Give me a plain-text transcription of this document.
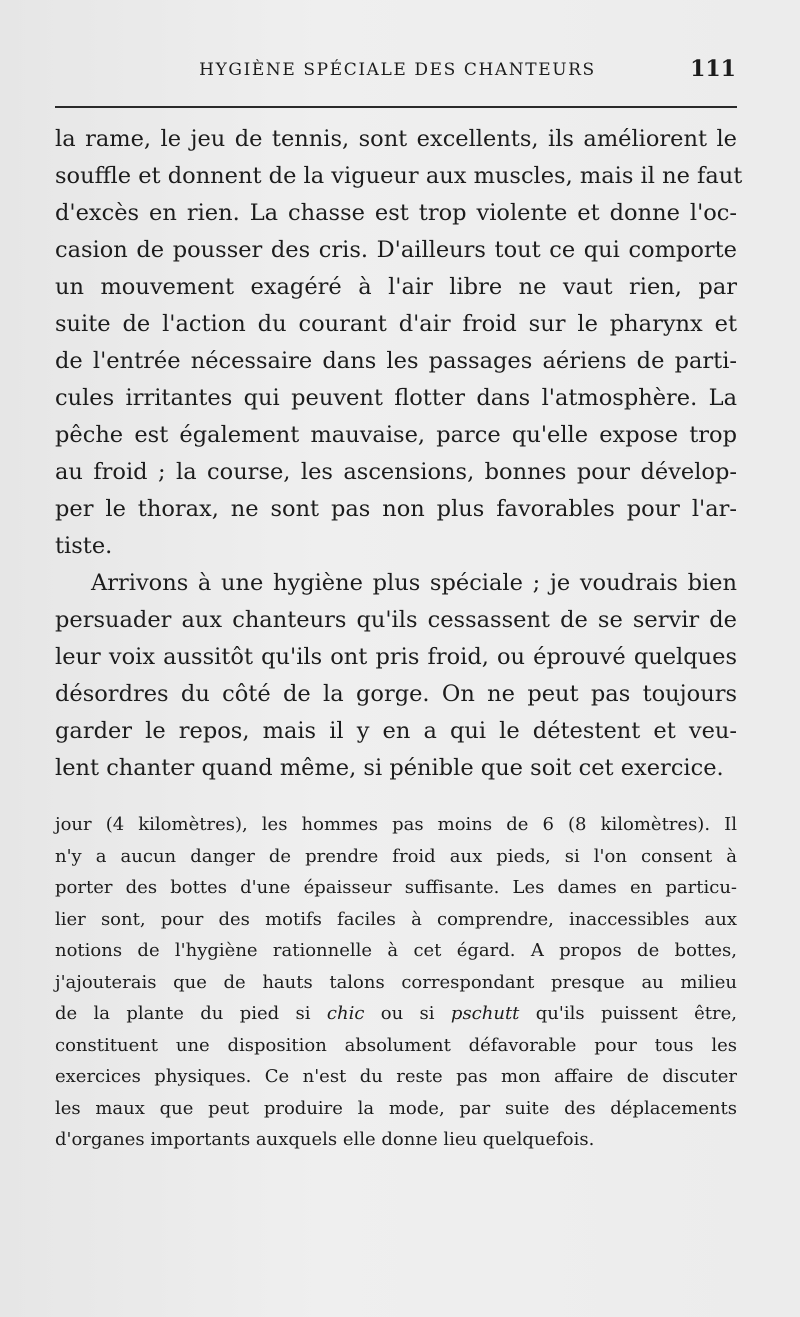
HYGIÈNE SPÉCIALE DES CHANTEURS	111
la rame, le jeu de tennis, sont excellents, ils améliorent le
souffle et donnent de la vigueur aux muscles, mais il ne faut
d'excès en rien. La chasse est trop violente et donne l'oc-
casion de pousser des cris. D'ailleurs tout ce qui comporte
un mouvement exagéré à l'air libre ne vaut rien, par
suite de l'action du courant d'air froid sur le pharynx et
de l'entrée nécessaire dans les passages aériens de parti-
cules irritantes qui peuvent flotter dans l'atmosphère. La
pêche est également mauvaise, parce qu'elle expose trop
au froid ; la course, les ascensions, bonnes pour dévelop-
per le thorax, ne sont pas non plus favorables pour l'ar-
tiste.
Arrivons à une hygiène plus spéciale ; je voudrais bien
persuader aux chanteurs qu'ils cessassent de se servir de
leur voix aussitôt qu'ils ont pris froid, ou éprouvé quelques
désordres du côté de la gorge. On ne peut pas toujours
garder le repos, mais il y en a qui le détestent et veu-
lent chanter quand même, si pénible que soit cet exercice.
jour (4 kilomètres), les hommes pas moins de 6 (8 kilomètres). Il
n'y a aucun danger de prendre froid aux pieds, si l'on consent à
porter des bottes d'une épaisseur suffisante. Les dames en particu-
lier sont, pour des motifs faciles à comprendre, inaccessibles aux
notions de l'hygiène rationnelle à cet égard. A propos de bottes,
j'ajouterais que de hauts talons correspondant presque au milieu
de la plante du pied si chic ou si pschutt qu'ils puissent être,
constituent une disposition absolument défavorable pour tous les
exercices physiques. Ce n'est du reste pas mon affaire de discuter
les maux que peut produire la mode, par suite des déplacements
d'organes importants auxquels elle donne lieu quelquefois.
